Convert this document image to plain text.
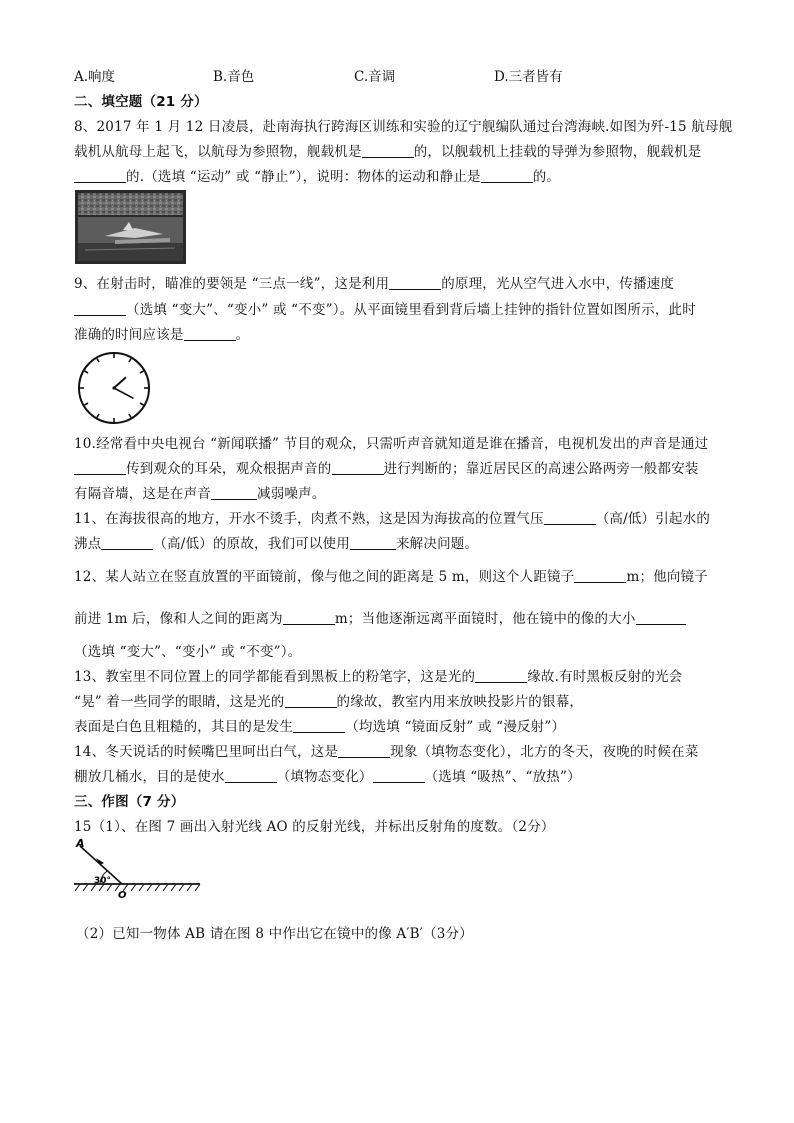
A.响度	B.音色	C.音调	D.三者皆有
二、填空题（21 分）
8、2017 年 1 月 12 日凌晨，赴南海执行跨海区训练和实验的辽宁舰编队通过台湾海峡.如图为歼-15 航母舰
载机从航母上起飞，以航母为参照物，舰载机是	的，以舰载机上挂载的导弹为参照物，舰载机是
的.（选填 “运动” 或 “静止”），说明：物体的运动和静止是	的。
9、在射击时，瞄准的要领是 “三点一线”，这是利用	的原理，光从空气进入水中，传播速度
（选填 “变大”、“变小” 或 “不变”）。从平面镜里看到背后墙上挂钟的指针位置如图所示，此时
准确的时间应该是	。
10.经常看中央电视台 “新闻联播” 节目的观众，只需听声音就知道是谁在播音，电视机发出的声音是通过
传到观众的耳朵，观众根据声音的	进行判断的；靠近居民区的高速公路两旁一般都安装
有隔音墙，这是在声音	减弱噪声。
11、在海拔很高的地方，开水不烫手，肉煮不熟，这是因为海拔高的位置气压	（高/低）引起水的
沸点	（高/低）的原故，我们可以使用	来解决问题。
12、某人站立在竖直放置的平面镜前，像与他之间的距离是 5 m，则这个人距镜子	m；他向镜子
前进 1m 后，像和人之间的距离为	m；当他逐渐远离平面镜时，他在镜中的像的大小
（选填 “变大”、“变小” 或 “不变”）。
13、教室里不同位置上的同学都能看到黑板上的粉笔字，这是光的	缘故.有时黑板反射的光会
“晃” 着一些同学的眼睛，这是光的	的缘故，教室内用来放映投影片的银幕，
表面是白色且粗糙的，其目的是发生	（均选填 “镜面反射” 或 “漫反射”）
14、冬天说话的时候嘴巴里呵出白气，这是	现象（填物态变化），北方的冬天，夜晚的时候在菜
棚放几桶水，目的是使水	（填物态变化）	（选填 “吸热”、“放热”）
三、作图（7 分）
15（1）、在图 7 画出入射光线 AO 的反射光线，并标出反射角的度数。（2分）
A
30°
O
（2）已知一物体 AB 请在图 8 中作出它在镜中的像 A′B′（3分）
